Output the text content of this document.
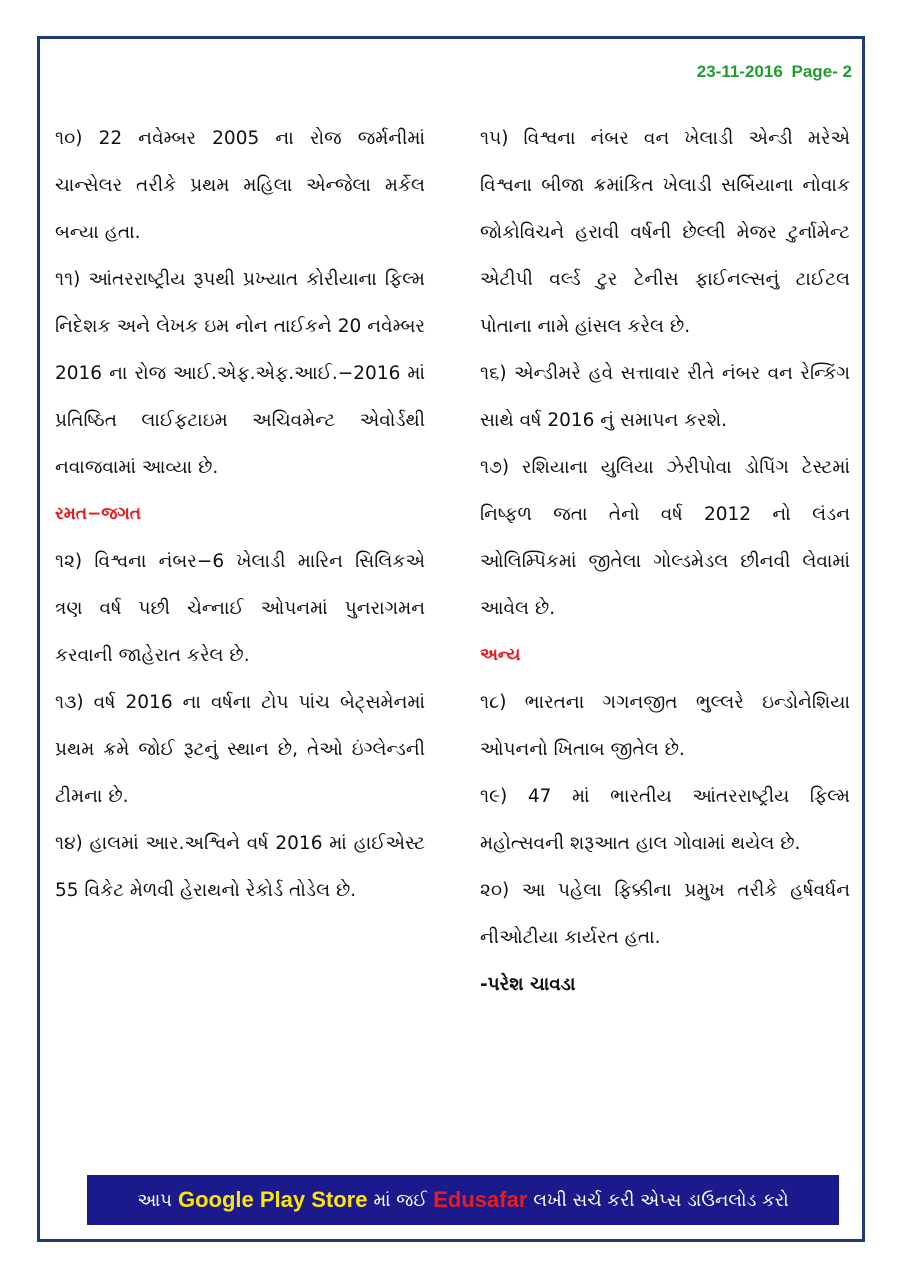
23-11-2016 Page- 2

૧૦) 22 નવેમ્બર 2005 ના રોજ જર્મનીમાં ચાન્સેલર તરીકે પ્રથમ મહિલા એન્જેલા મર્કેલ બન્યા હતા.

૧૧) આંતરરાષ્ટ્રીય રૂપથી પ્રખ્યાત કોરીયાના ફિલ્મ નિદેશક અને લેખક ઇમ નોન તાઈકને 20 નવેમ્બર 2016 ના રોજ આઈ.એફ.એફ.આઈ.−2016 માં પ્રતિષ્ઠિત લાઈફટાઇમ અચિવમેન્ટ એવોર્ડથી નવાજવામાં આવ્યા છે.

રમત−જગત

૧૨) વિશ્વના નંબર−6 ખેલાડી મારિન સિલિકએ ત્રણ વર્ષ પછી ચેન્નાઈ ઓપનમાં પુનરાગમન કરવાની જાહેરાત કરેલ છે.

૧૩) વર્ષ 2016 ના વર્ષના ટોપ પાંચ બેટ્સમેનમાં પ્રથમ ક્રમે જોઈ રૂટનું સ્થાન છે, તેઓ ઇંગ્લેન્ડની ટીમના છે.

૧૪) હાલમાં આર.અશ્વિને વર્ષ 2016 માં હાઈએસ્ટ 55 વિકેટ મેળવી હેરાથનો રેકોર્ડ તોડેલ છે.

૧૫) વિશ્વના નંબર વન ખેલાડી એન્ડી મરેએ વિશ્વના બીજા ક્રમાંકિત ખેલાડી સર્બિયાના નોવાક જોકોવિચને હરાવી વર્ષની છેલ્લી મેજર ટુર્નામેન્ટ એટીપી વર્લ્ડ ટુર ટેનીસ ફાઈનલ્સનું ટાઈટલ પોતાના નામે હાંસલ કરેલ છે.

૧૬) એન્ડીમરે હવે સત્તાવાર રીતે નંબર વન રેન્કિંગ સાથે વર્ષ 2016 નું સમાપન કરશે.

૧૭) રશિયાના યુલિયા ઝેરીપોવા ડોપિંગ ટેસ્ટમાં નિષ્ફળ જતા તેનો વર્ષ 2012 નો લંડન ઓલિમ્પિકમાં જીતેલા ગોલ્ડમેડલ છીનવી લેવામાં આવેલ છે.

અન્ય

૧૮) ભારતના ગગનજીત ભુલ્લરે ઇન્ડોનેશિયા ઓપનનો ખિતાબ જીતેલ છે.

૧૯) 47 માં ભારતીય આંતરરાષ્ટ્રીય ફિલ્મ મહોત્સવની શરૂઆત હાલ ગોવામાં થયેલ છે.

૨૦) આ પહેલા ફિક્કીના પ્રમુખ તરીકે હર્ષવર્ધન નીઓટીયા કાર્યરત હતા.

-પરેશ ચાવડા

આપ Google Play Store માં જઈ Edusafar લખી સર્ચ કરી એપ્સ ડાઉનલોડ કરો
